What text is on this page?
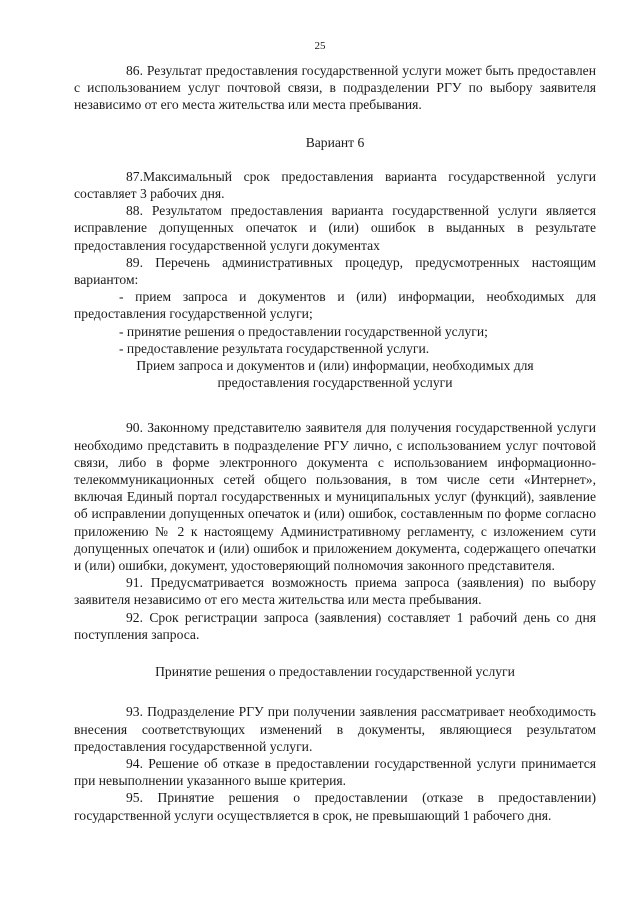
25

86. Результат предоставления государственной услуги может быть предоставлен с использованием услуг почтовой связи, в подразделении РГУ по выбору заявителя независимо от его места жительства или места пребывания.

Вариант 6

87.Максимальный срок предоставления варианта государственной услуги составляет 3 рабочих дня.

88. Результатом предоставления варианта государственной услуги является исправление допущенных опечаток и (или) ошибок в выданных в результате предоставления государственной услуги документах

89. Перечень административных процедур, предусмотренных настоящим вариантом:

- прием запроса и документов и (или) информации, необходимых для предоставления государственной услуги;

- принятие решения о предоставлении государственной услуги;

- предоставление результата государственной услуги.

Прием запроса и документов и (или) информации, необходимых для предоставления государственной услуги

90. Законному представителю заявителя для получения государственной услуги необходимо представить в подразделение РГУ лично, с использованием услуг почтовой связи, либо в форме электронного документа с использованием информационно-телекоммуникационных сетей общего пользования, в том числе сети «Интернет», включая Единый портал государственных и муниципальных услуг (функций), заявление об исправлении допущенных опечаток и (или) ошибок, составленным по форме согласно приложению № 2 к настоящему Административному регламенту, с изложением сути допущенных опечаток и (или) ошибок и приложением документа, содержащего опечатки и (или) ошибки, документ, удостоверяющий полномочия законного представителя.

91. Предусматривается возможность приема запроса (заявления) по выбору заявителя независимо от его места жительства или места пребывания.

92. Срок регистрации запроса (заявления) составляет 1 рабочий день со дня поступления запроса.

Принятие решения о предоставлении государственной услуги

93. Подразделение РГУ при получении заявления рассматривает необходимость внесения соответствующих изменений в документы, являющиеся результатом предоставления государственной услуги.

94. Решение об отказе в предоставлении государственной услуги принимается при невыполнении указанного выше критерия.

95. Принятие решения о предоставлении (отказе в предоставлении) государственной услуги осуществляется в срок, не превышающий 1 рабочего дня.
